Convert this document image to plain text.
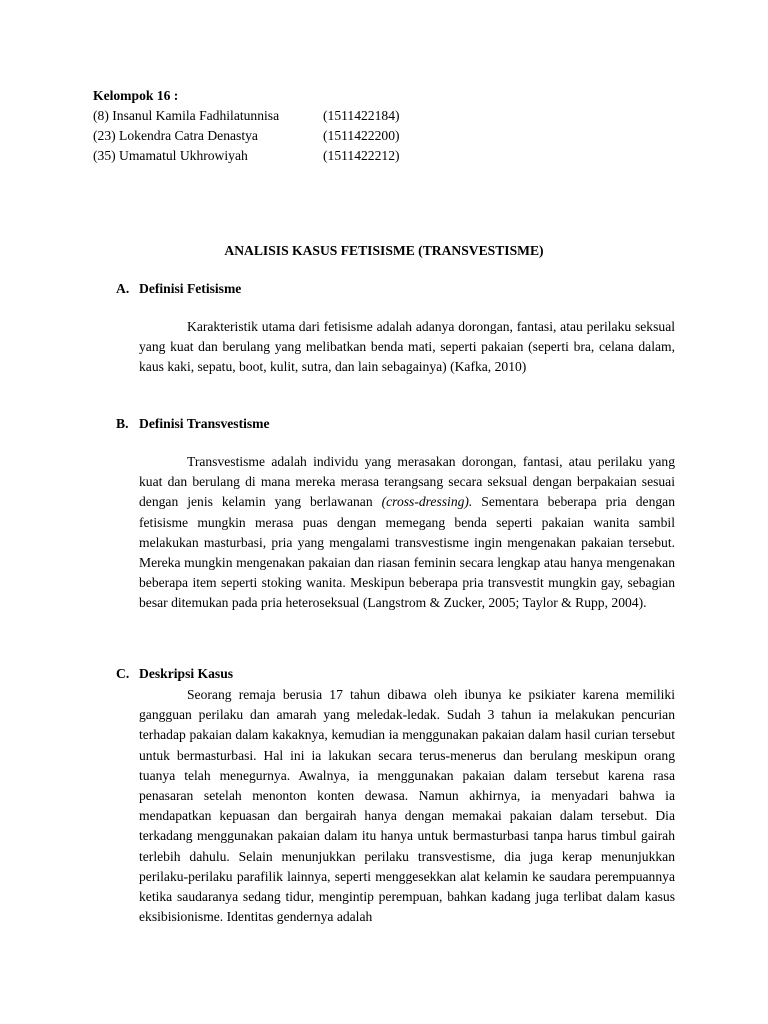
Kelompok 16 :
(8) Insanul Kamila Fadhilatunnisa	(1511422184)
(23) Lokendra Catra Denastya	(1511422200)
(35) Umamatul Ukhrowiyah	(1511422212)
ANALISIS KASUS FETISISME (TRANSVESTISME)
A. Definisi Fetisisme

Karakteristik utama dari fetisisme adalah adanya dorongan, fantasi, atau perilaku seksual yang kuat dan berulang yang melibatkan benda mati, seperti pakaian (seperti bra, celana dalam, kaus kaki, sepatu, boot, kulit, sutra, dan lain sebagainya) (Kafka, 2010)

B. Definisi Transvestisme

Transvestisme adalah individu yang merasakan dorongan, fantasi, atau perilaku yang kuat dan berulang di mana mereka merasa terangsang secara seksual dengan berpakaian sesuai dengan jenis kelamin yang berlawanan (cross-dressing). Sementara beberapa pria dengan fetisisme mungkin merasa puas dengan memegang benda seperti pakaian wanita sambil melakukan masturbasi, pria yang mengalami transvestisme ingin mengenakan pakaian tersebut. Mereka mungkin mengenakan pakaian dan riasan feminin secara lengkap atau hanya mengenakan beberapa item seperti stoking wanita. Meskipun beberapa pria transvestit mungkin gay, sebagian besar ditemukan pada pria heteroseksual (Langstrom & Zucker, 2005; Taylor & Rupp, 2004).

C. Deskripsi Kasus

Seorang remaja berusia 17 tahun dibawa oleh ibunya ke psikiater karena memiliki gangguan perilaku dan amarah yang meledak-ledak. Sudah 3 tahun ia melakukan pencurian terhadap pakaian dalam kakaknya, kemudian ia menggunakan pakaian dalam hasil curian tersebut untuk bermasturbasi. Hal ini ia lakukan secara terus-menerus dan berulang meskipun orang tuanya telah menegurnya. Awalnya, ia menggunakan pakaian dalam tersebut karena rasa penasaran setelah menonton konten dewasa. Namun akhirnya, ia menyadari bahwa ia mendapatkan kepuasan dan bergairah hanya dengan memakai pakaian dalam tersebut. Dia terkadang menggunakan pakaian dalam itu hanya untuk bermasturbasi tanpa harus timbul gairah terlebih dahulu. Selain menunjukkan perilaku transvestisme, dia juga kerap menunjukkan perilaku-perilaku parafilik lainnya, seperti menggesekkan alat kelamin ke saudara perempuannya ketika saudaranya sedang tidur, mengintip perempuan, bahkan kadang juga terlibat dalam kasus eksibisionisme. Identitas gendernya adalah
